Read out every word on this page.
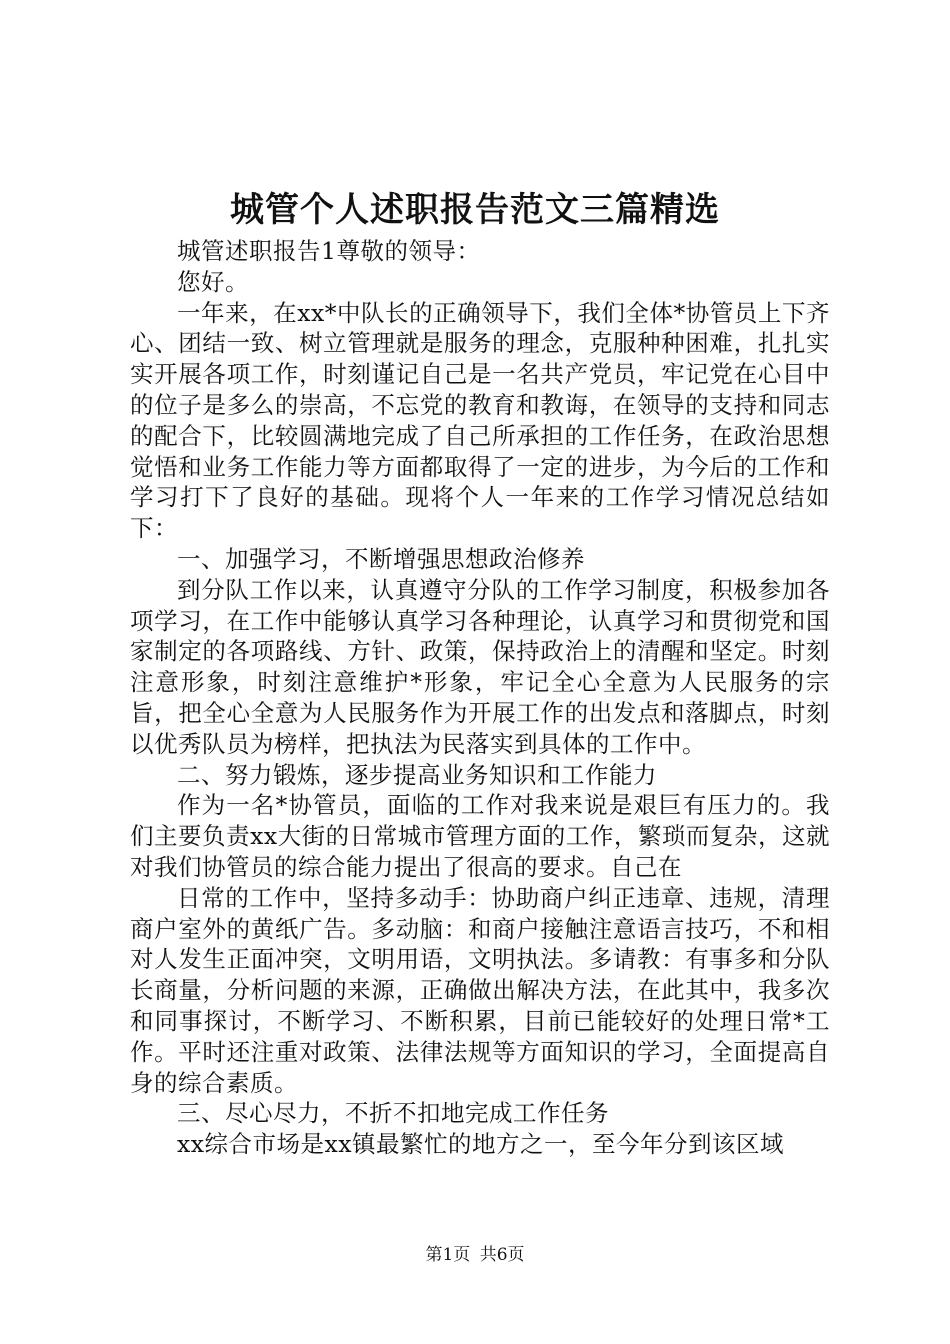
城管个人述职报告范文三篇精选

城管述职报告1尊敬的领导：

您好。

一年来，在xx*中队长的正确领导下，我们全体*协管员上下齐心、团结一致、树立管理就是服务的理念，克服种种困难，扎扎实实开展各项工作，时刻谨记自己是一名共产党员，牢记党在心目中的位子是多么的崇高，不忘党的教育和教诲，在领导的支持和同志的配合下，比较圆满地完成了自己所承担的工作任务，在政治思想觉悟和业务工作能力等方面都取得了一定的进步，为今后的工作和学习打下了良好的基础。现将个人一年来的工作学习情况总结如下：

一、加强学习，不断增强思想政治修养

到分队工作以来，认真遵守分队的工作学习制度，积极参加各项学习，在工作中能够认真学习各种理论，认真学习和贯彻党和国家制定的各项路线、方针、政策，保持政治上的清醒和坚定。时刻注意形象，时刻注意维护*形象，牢记全心全意为人民服务的宗旨，把全心全意为人民服务作为开展工作的出发点和落脚点，时刻以优秀队员为榜样，把执法为民落实到具体的工作中。

二、努力锻炼，逐步提高业务知识和工作能力

作为一名*协管员，面临的工作对我来说是艰巨有压力的。我们主要负责xx大街的日常城市管理方面的工作，繁琐而复杂，这就对我们协管员的综合能力提出了很高的要求。自己在

日常的工作中，坚持多动手：协助商户纠正违章、违规，清理商户室外的黄纸广告。多动脑：和商户接触注意语言技巧，不和相对人发生正面冲突，文明用语，文明执法。多请教：有事多和分队长商量，分析问题的来源，正确做出解决方法，在此其中，我多次和同事探讨，不断学习、不断积累，目前已能较好的处理日常*工作。平时还注重对政策、法律法规等方面知识的学习，全面提高自身的综合素质。

三、尽心尽力，不折不扣地完成工作任务

xx综合市场是xx镇最繁忙的地方之一，至今年分到该区域

第1页 共6页
